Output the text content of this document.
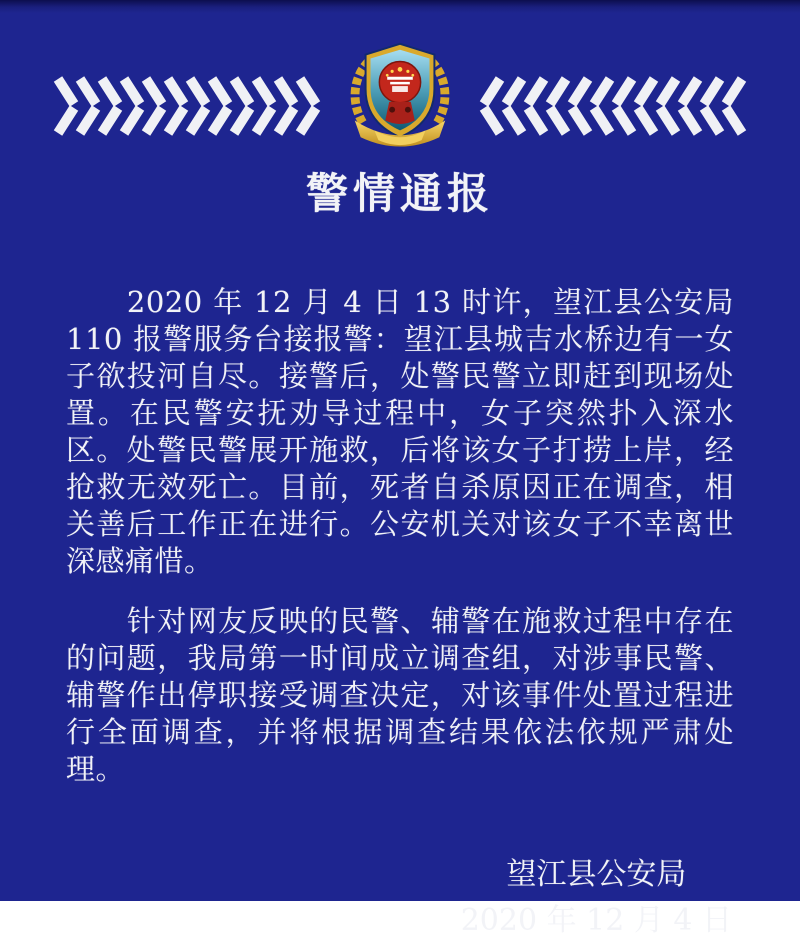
警情通报

2020 年 12 月 4 日 13 时许，望江县公安局 110 报警服务台接报警：望江县城吉水桥边有一女子欲投河自尽。接警后，处警民警立即赶到现场处置。在民警安抚劝导过程中，女子突然扑入深水区。处警民警展开施救，后将该女子打捞上岸，经抢救无效死亡。目前，死者自杀原因正在调查，相关善后工作正在进行。公安机关对该女子不幸离世深感痛惜。

针对网友反映的民警、辅警在施救过程中存在的问题，我局第一时间成立调查组，对涉事民警、辅警作出停职接受调查决定，对该事件处置过程进行全面调查，并将根据调查结果依法依规严肃处理。

望江县公安局
2020 年 12 月 4 日
